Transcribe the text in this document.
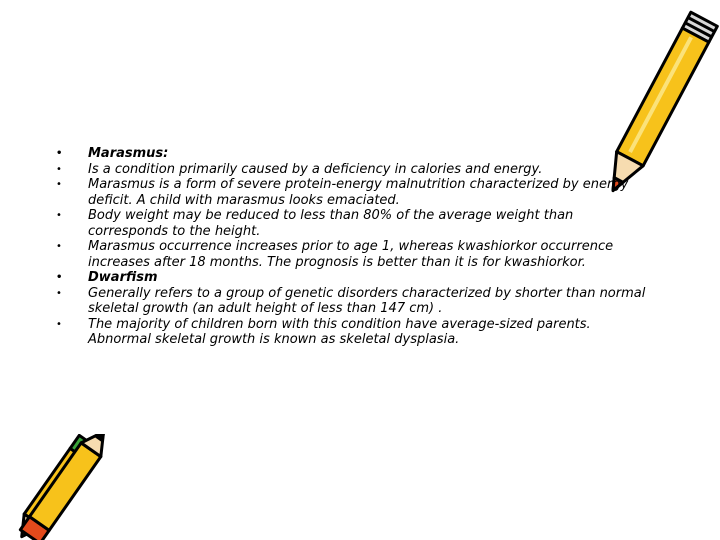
• Marasmus:
• Is a condition primarily caused by a deficiency in calories and energy.
• Marasmus is a form of severe protein-energy malnutrition characterized by energy deficit. A child with marasmus looks emaciated.
• Body weight may be reduced to less than 80% of the average weight than corresponds to the height.
• Marasmus occurrence increases prior to age 1, whereas kwashiorkor occurrence increases after 18 months. The prognosis is better than it is for kwashiorkor.
• Dwarfism
• Generally refers to a group of genetic disorders characterized by shorter than normal skeletal growth (an adult height of less than 147 cm) .
• The majority of children born with this condition have average-sized parents. Abnormal skeletal growth is known as skeletal dysplasia.
